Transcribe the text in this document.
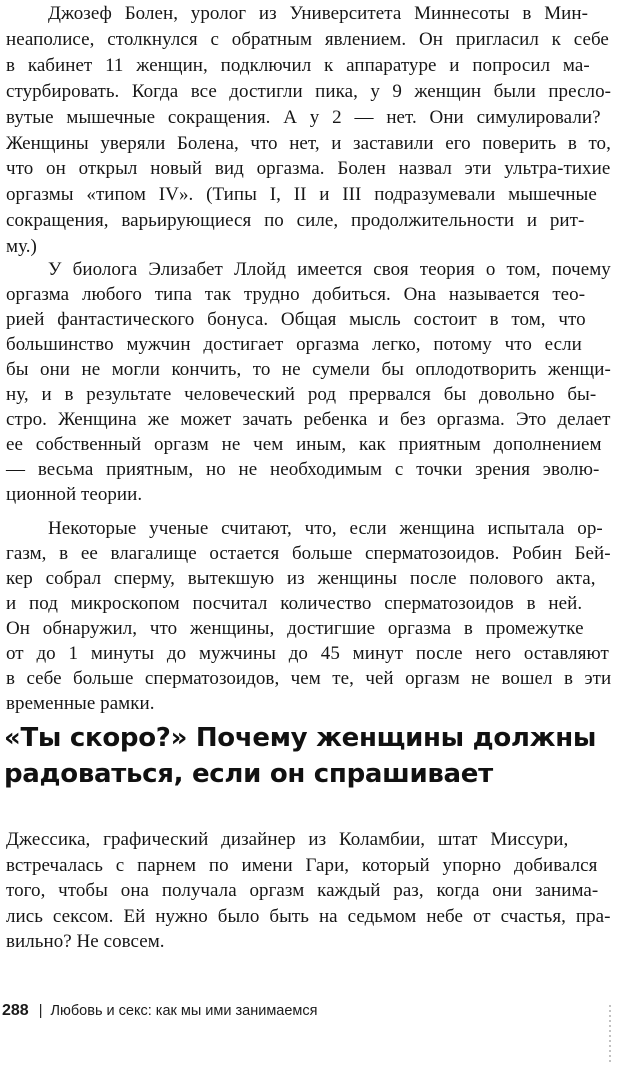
Джозеф Болен, уролог из Университета Миннесоты в Мин-
неаполисе, столкнулся с обратным явлением. Он пригласил к себе
в кабинет 11 женщин, подключил к аппаратуре и попросил ма-
стурбировать. Когда все достигли пика, у 9 женщин были пресло-
вутые мышечные сокращения. А у 2 — нет. Они симулировали?
Женщины уверяли Болена, что нет, и заставили его поверить в то,
что он открыл новый вид оргазма. Болен назвал эти ультра-тихие
оргазмы «типом IV». (Типы I, II и III подразумевали мышечные
сокращения, варьирующиеся по силе, продолжительности и рит-
му.)
У биолога Элизабет Ллойд имеется своя теория о том, почему
оргазма любого типа так трудно добиться. Она называется тео-
рией фантастического бонуса. Общая мысль состоит в том, что
большинство мужчин достигает оргазма легко, потому что если
бы они не могли кончить, то не сумели бы оплодотворить женщи-
ну, и в результате человеческий род прервался бы довольно бы-
стро. Женщина же может зачать ребенка и без оргазма. Это делает
ее собственный оргазм не чем иным, как приятным дополнением
— весьма приятным, но не необходимым с точки зрения эволю-
ционной теории.
Некоторые ученые считают, что, если женщина испытала ор-
газм, в ее влагалище остается больше сперматозоидов. Робин Бей-
кер собрал сперму, вытекшую из женщины после полового акта,
и под микроскопом посчитал количество сперматозоидов в ней.
Он обнаружил, что женщины, достигшие оргазма в промежутке
от до 1 минуты до мужчины до 45 минут после него оставляют
в себе больше сперматозоидов, чем те, чей оргазм не вошел в эти
временные рамки.
Джессика, графический дизайнер из Коламбии, штат Миссури,
встречалась с парнем по имени Гари, который упорно добивался
того, чтобы она получала оргазм каждый раз, когда они занима-
лись сексом. Ей нужно было быть на седьмом небе от счастья, пра-
вильно? Не совсем.
«Ты скоро?» Почему женщины должны
радоваться, если он спрашивает
288 | Любовь и секс: как мы ими занимаемся
